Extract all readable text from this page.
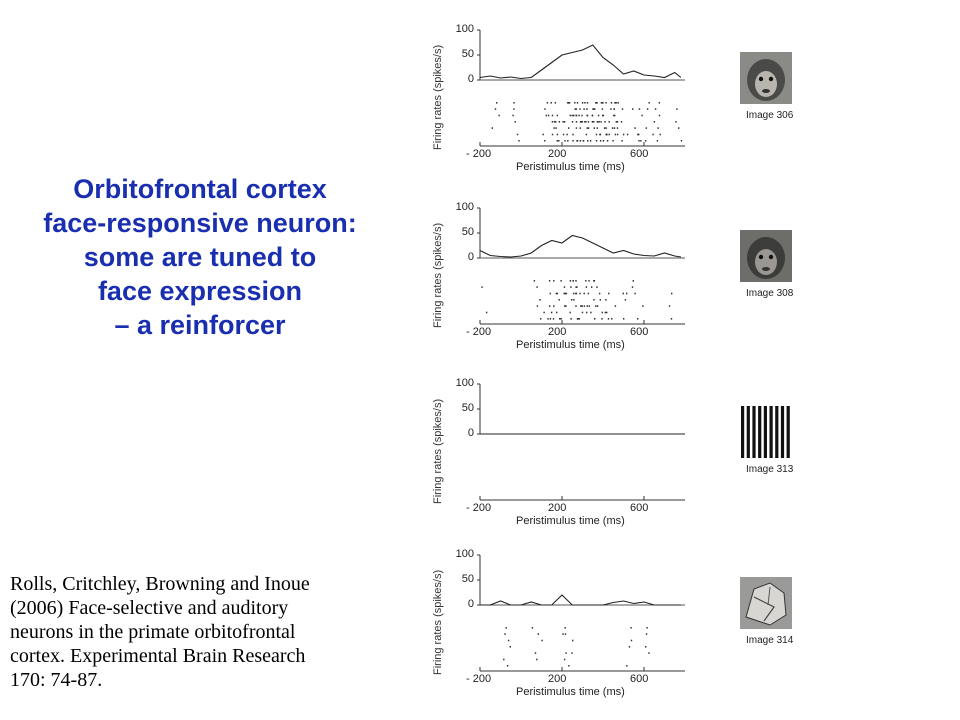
Orbitofrontal cortex
face-responsive neuron:
some are tuned to
face expression
– a reinforcer
Rolls, Critchley, Browning and Inoue
(2006) Face-selective and auditory
neurons in the primate orbitofrontal
cortex. Experimental Brain Research
170: 74-87.
Firing rates (spikes/s)
100
50
0
- 200	200	600
Peristimulus time (ms)
Image 306
Firing rates (spikes/s)
100
50
0
- 200	200	600
Peristimulus time (ms)
Image 308
Firing rates (spikes/s)
100
50
0
- 200	200	600
Peristimulus time (ms)
Image 313
Firing rates (spikes/s)
100
50
0
- 200	200	600
Peristimulus time (ms)
Image 314
